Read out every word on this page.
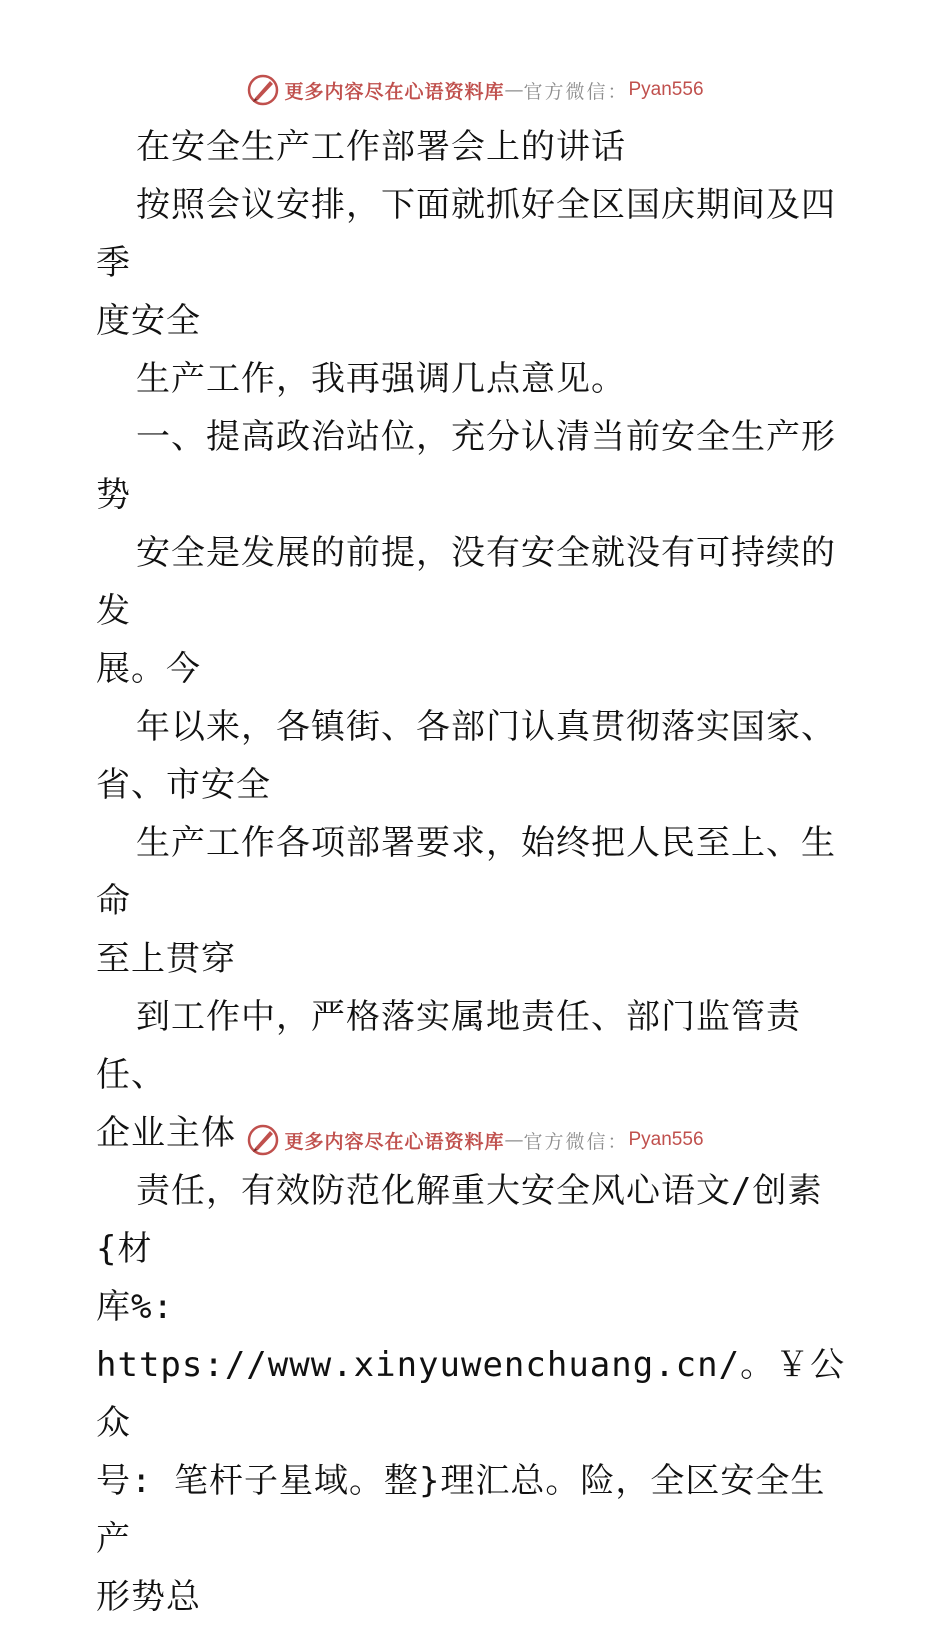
更多内容尽在心语资料库 — 官方微信： Pyan556

在安全生产工作部署会上的讲话

按照会议安排，下面就抓好全区国庆期间及四季

度安全

生产工作，我再强调几点意见。

一、提高政治站位，充分认清当前安全生产形势

安全是发展的前提，没有安全就没有可持续的发

展。今

年以来，各镇街、各部门认真贯彻落实国家、

省、市安全

生产工作各项部署要求，始终把人民至上、生命

至上贯穿

到工作中，严格落实属地责任、部门监管责任、

企业主体

责任，有效防范化解重大安全风心语文/创素{材

库%: https://www.xinyuwenchuang.cn/。￥公众

号: 笔杆子星域。整}理汇总。险，全区安全生产

形势总

更多内容尽在心语资料库 — 官方微信： Pyan556
